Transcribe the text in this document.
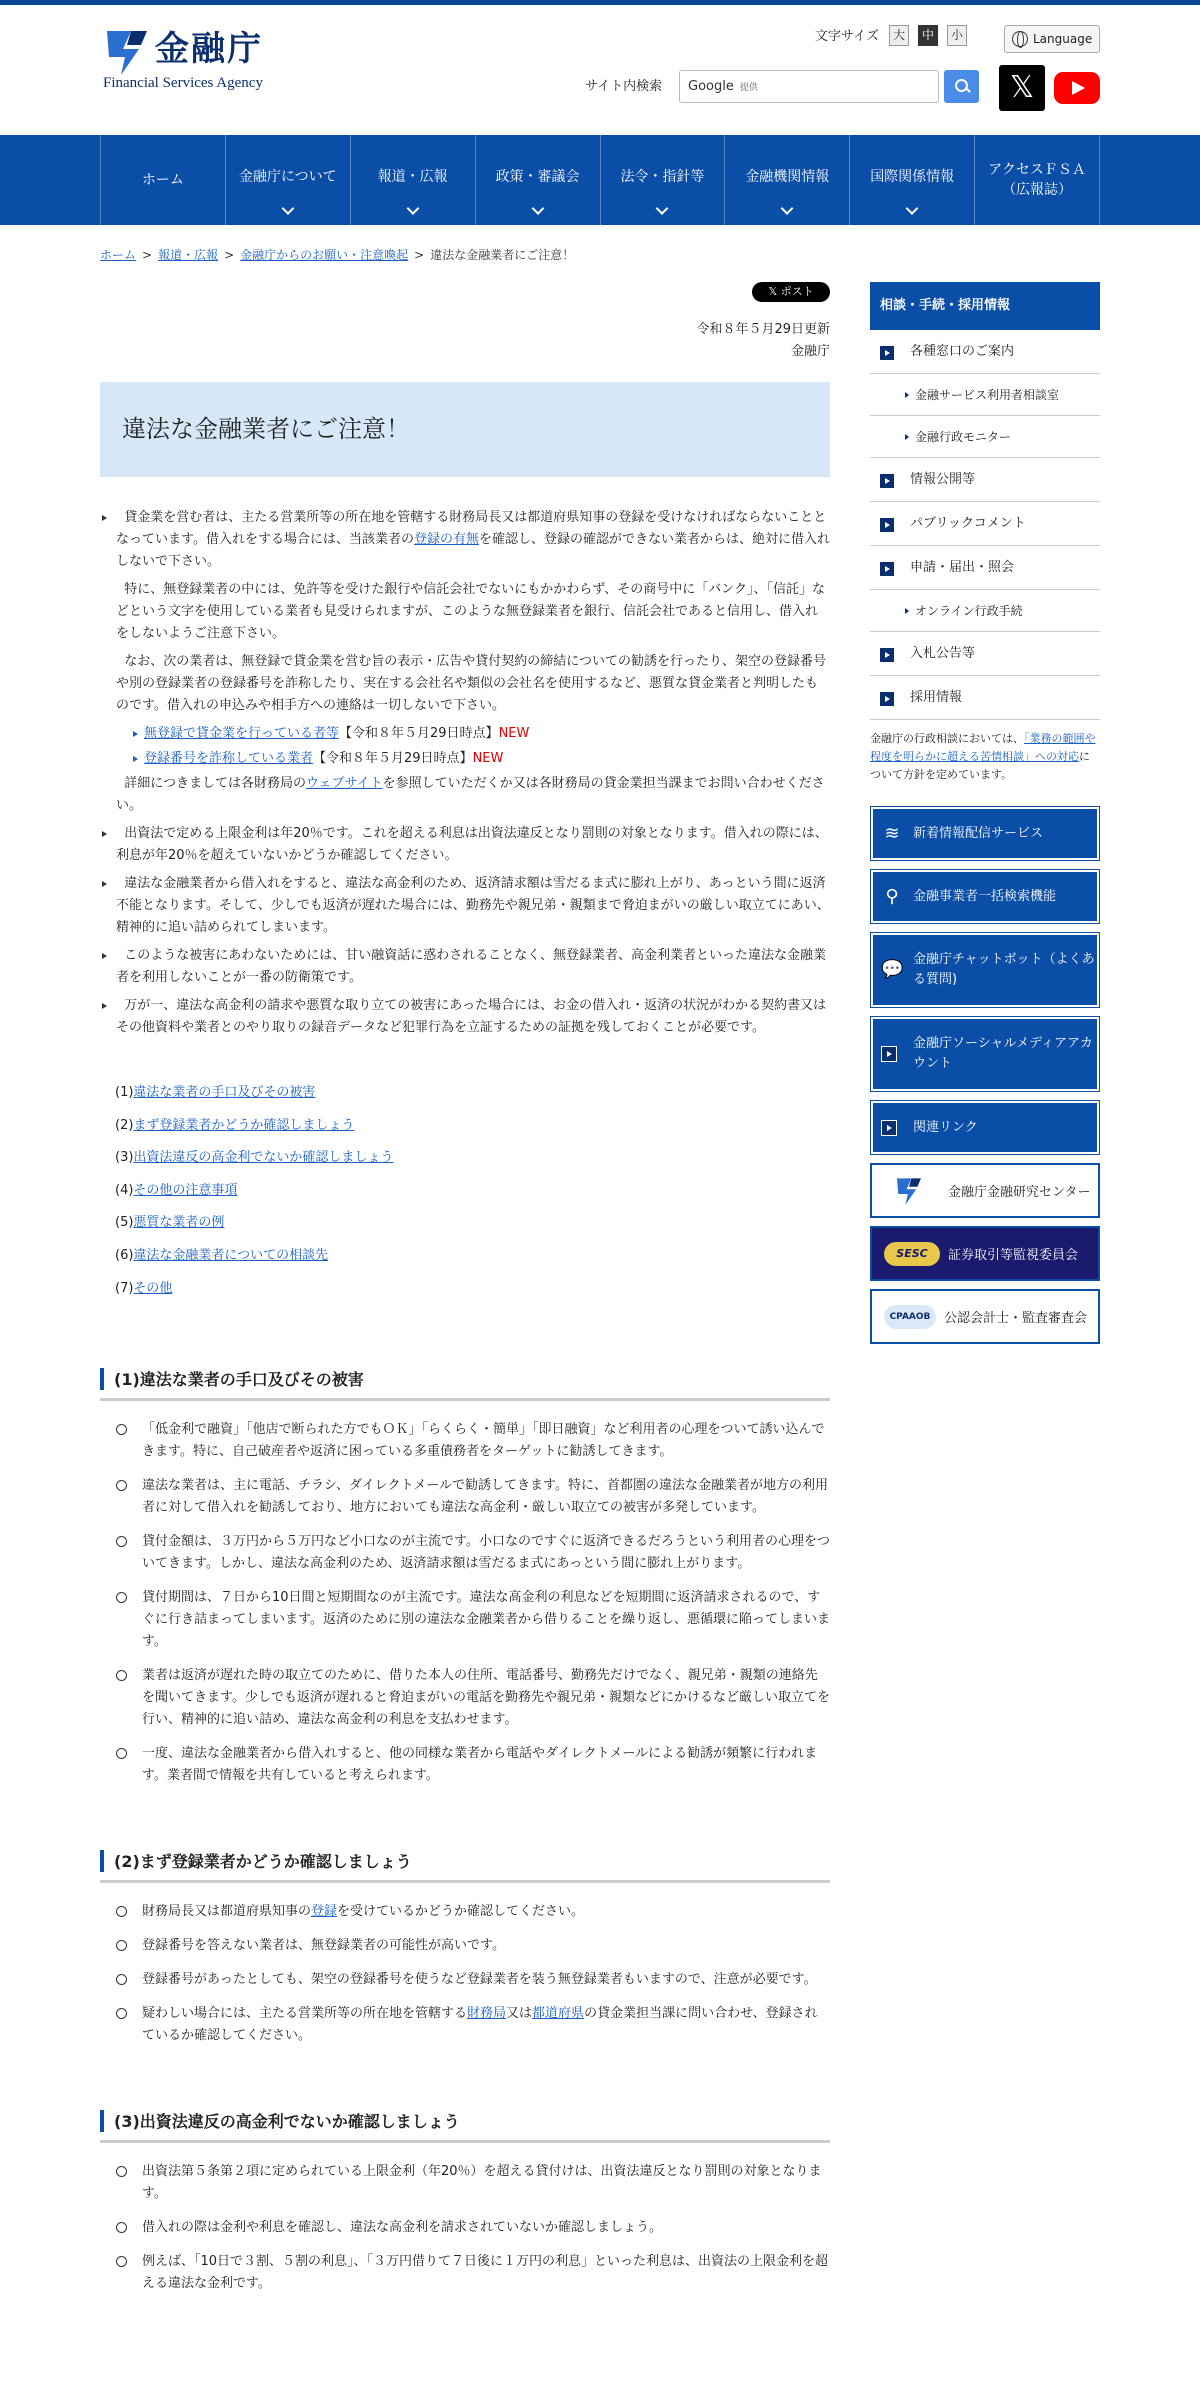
金融庁
Financial Services Agency
文字サイズ	大	中	小	Language
サイト内検索	Google 提供	𝕏
ホーム	金融庁について	報道・広報	政策・審議会	法令・指針等	金融機関情報	国際関係情報 アクセスＦＳＡ
（広報誌）
ホーム > 報道・広報 > 金融庁からのお願い・注意喚起 > 違法な金融業者にご注意！
𝕏 ポスト
令和８年５月29日更新
金融庁
違法な金融業者にご注意！
貸金業を営む者は、主たる営業所等の所在地を管轄する財務局長又は都道府県知事の登録を受けなければならないこととなっています。借入れをする場合には、当該業者の登録の有無を確認し、登録の確認ができない業者からは、絶対に借入れしないで下さい。
特に、無登録業者の中には、免許等を受けた銀行や信託会社でないにもかかわらず、その商号中に「バンク」、「信託」などという文字を使用している業者も見受けられますが、このような無登録業者を銀行、信託会社であると信用し、借入れをしないようご注意下さい。
なお、次の業者は、無登録で貸金業を営む旨の表示・広告や貸付契約の締結についての勧誘を行ったり、架空の登録番号や別の登録業者の登録番号を詐称したり、実在する会社名や類似の会社名を使用するなど、悪質な貸金業者と判明したものです。借入れの申込みや相手方への連絡は一切しないで下さい。
無登録で貸金業を行っている者等【令和８年５月29日時点】NEW
登録番号を詐称している業者【令和８年５月29日時点】NEW
詳細につきましては各財務局のウェブサイトを参照していただくか又は各財務局の貸金業担当課までお問い合わせください。
出資法で定める上限金利は年20％です。これを超える利息は出資法違反となり罰則の対象となります。借入れの際には、利息が年20％を超えていないかどうか確認してください。
違法な金融業者から借入れをすると、違法な高金利のため、返済請求額は雪だるま式に膨れ上がり、あっという間に返済不能となります。そして、少しでも返済が遅れた場合には、勤務先や親兄弟・親類まで脅迫まがいの厳しい取立てにあい、精神的に追い詰められてしまいます。
このような被害にあわないためには、甘い融資話に惑わされることなく、無登録業者、高金利業者といった違法な金融業者を利用しないことが一番の防衛策です。
万が一、違法な高金利の請求や悪質な取り立ての被害にあった場合には、お金の借入れ・返済の状況がわかる契約書又はその他資料や業者とのやり取りの録音データなど犯罪行為を立証するための証拠を残しておくことが必要です。
(1)違法な業者の手口及びその被害
(2)まず登録業者かどうか確認しましょう
(3)出資法違反の高金利でないか確認しましょう
(4)その他の注意事項
(5)悪質な業者の例
(6)違法な金融業者についての相談先
(7)その他
(1)違法な業者の手口及びその被害
「低金利で融資」「他店で断られた方でもＯＫ」「らくらく・簡単」「即日融資」など利用者の心理をついて誘い込んできます。特に、自己破産者や返済に困っている多重債務者をターゲットに勧誘してきます。
違法な業者は、主に電話、チラシ、ダイレクトメールで勧誘してきます。特に、首都圏の違法な金融業者が地方の利用者に対して借入れを勧誘しており、地方においても違法な高金利・厳しい取立ての被害が多発しています。
貸付金額は、３万円から５万円など小口なのが主流です。小口なのですぐに返済できるだろうという利用者の心理をついてきます。しかし、違法な高金利のため、返済請求額は雪だるま式にあっという間に膨れ上がります。
貸付期間は、７日から10日間と短期間なのが主流です。違法な高金利の利息などを短期間に返済請求されるので、すぐに行き詰まってしまいます。返済のために別の違法な金融業者から借りることを繰り返し、悪循環に陥ってしまいます。
業者は返済が遅れた時の取立てのために、借りた本人の住所、電話番号、勤務先だけでなく、親兄弟・親類の連絡先を聞いてきます。少しでも返済が遅れると脅迫まがいの電話を勤務先や親兄弟・親類などにかけるなど厳しい取立てを行い、精神的に追い詰め、違法な高金利の利息を支払わせます。
一度、違法な金融業者から借入れすると、他の同様な業者から電話やダイレクトメールによる勧誘が頻繁に行われます。業者間で情報を共有していると考えられます。
(2)まず登録業者かどうか確認しましょう
財務局長又は都道府県知事の登録を受けているかどうか確認してください。
登録番号を答えない業者は、無登録業者の可能性が高いです。
登録番号があったとしても、架空の登録番号を使うなど登録業者を装う無登録業者もいますので、注意が必要です。
疑わしい場合には、主たる営業所等の所在地を管轄する財務局又は都道府県の貸金業担当課に問い合わせ、登録されているか確認してください。
(3)出資法違反の高金利でないか確認しましょう
出資法第５条第２項に定められている上限金利（年20％）を超える貸付けは、出資法違反となり罰則の対象となります。
借入れの際は金利や利息を確認し、違法な高金利を請求されていないか確認しましょう。
例えば、「10日で３割、５割の利息」、「３万円借りて７日後に１万円の利息」といった利息は、出資法の上限金利を超える違法な金利です。
相談・手続・採用情報
各種窓口のご案内
金融サービス利用者相談室
金融行政モニター
情報公開等
パブリックコメント
申請・届出・照会
オンライン行政手続
入札公告等
採用情報
金融庁の行政相談においては、「業務の範囲や程度を明らかに超える苦情相談」への対応について方針を定めています。
≋ 新着情報配信サービス
⚲	金融事業者一括検索機能
💬 金融庁チャットボット（よくある質問)
金融庁ソーシャルメディアアカウント
関連リンク
金融庁金融研究センター
SESC	証券取引等監視委員会
CPAAOB	公認会計士・監査審査会
